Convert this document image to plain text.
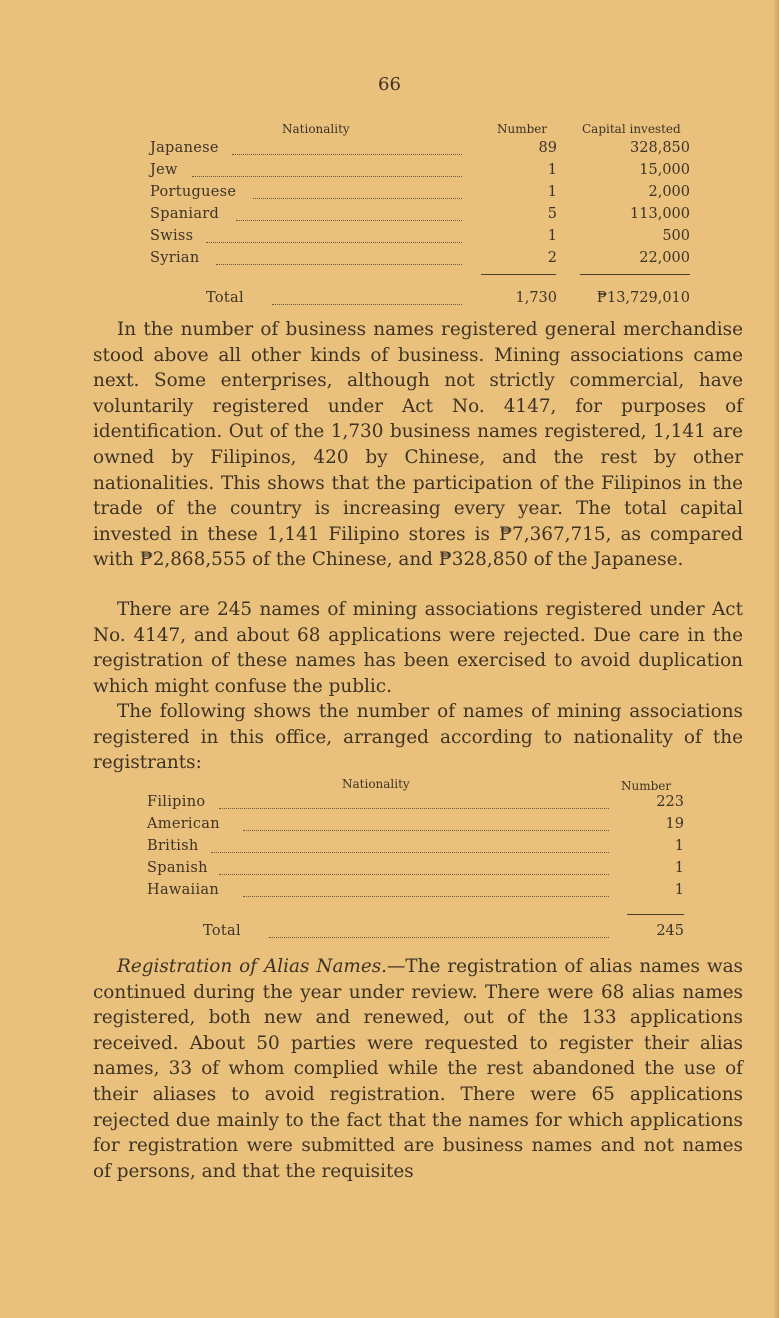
66
Nationality	Number	Capital invested
Japanese	89	328,850
Jew	1	15,000
Portuguese	1	2,000
Spaniard	5	113,000
Swiss	1	500
Syrian	2	22,000
Total	1,730	₱13,729,010

In the number of business names registered general merchandise stood above all other kinds of business. Mining associations came next. Some enterprises, although not strictly commercial, have voluntarily registered under Act No. 4147, for purposes of identification. Out of the 1,730 business names registered, 1,141 are owned by Filipinos, 420 by Chinese, and the rest by other nationalities. This shows that the participation of the Filipinos in the trade of the country is increasing every year. The total capital invested in these 1,141 Filipino stores is ₱7,367,715, as compared with ₱2,868,555 of the Chinese, and ₱328,850 of the Japanese.

There are 245 names of mining associations registered under Act No. 4147, and about 68 applications were rejected. Due care in the registration of these names has been exercised to avoid duplication which might confuse the public.

The following shows the number of names of mining associations registered in this office, arranged according to nationality of the registrants:

Nationality	Number
Filipino	223
American	19
British	1
Spanish	1
Hawaiian	1
Total	245

Registration of Alias Names.—The registration of alias names was continued during the year under review. There were 68 alias names registered, both new and renewed, out of the 133 applications received. About 50 parties were requested to register their alias names, 33 of whom complied while the rest abandoned the use of their aliases to avoid registration. There were 65 applications rejected due mainly to the fact that the names for which applications for registration were submitted are business names and not names of persons, and that the requisites
